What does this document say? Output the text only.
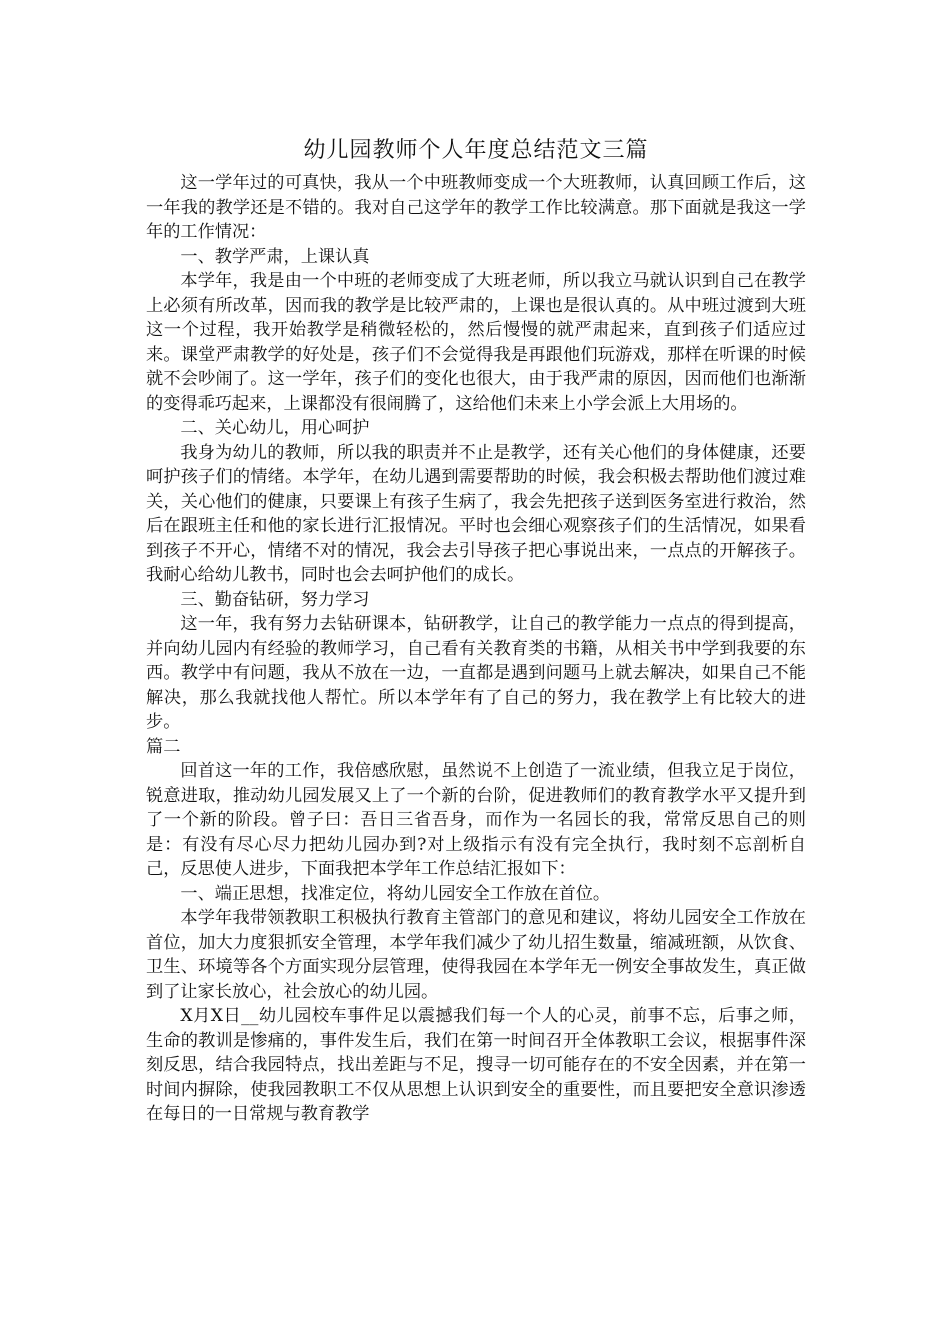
幼儿园教师个人年度总结范文三篇

这一学年过的可真快，我从一个中班教师变成一个大班教师，认真回顾工作后，这一年我的教学还是不错的。我对自己这学年的教学工作比较满意。那下面就是我这一学年的工作情况：

一、教学严肃，上课认真

本学年，我是由一个中班的老师变成了大班老师，所以我立马就认识到自己在教学上必须有所改革，因而我的教学是比较严肃的，上课也是很认真的。从中班过渡到大班这一个过程，我开始教学是稍微轻松的，然后慢慢的就严肃起来，直到孩子们适应过来。课堂严肃教学的好处是，孩子们不会觉得我是再跟他们玩游戏，那样在听课的时候就不会吵闹了。这一学年，孩子们的变化也很大，由于我严肃的原因，因而他们也渐渐的变得乖巧起来，上课都没有很闹腾了，这给他们未来上小学会派上大用场的。

二、关心幼儿，用心呵护

我身为幼儿的教师，所以我的职责并不止是教学，还有关心他们的身体健康，还要呵护孩子们的情绪。本学年，在幼儿遇到需要帮助的时候，我会积极去帮助他们渡过难关，关心他们的健康，只要课上有孩子生病了，我会先把孩子送到医务室进行救治，然后在跟班主任和他的家长进行汇报情况。平时也会细心观察孩子们的生活情况，如果看到孩子不开心，情绪不对的情况，我会去引导孩子把心事说出来，一点点的开解孩子。我耐心给幼儿教书，同时也会去呵护他们的成长。

三、勤奋钻研，努力学习

这一年，我有努力去钻研课本，钻研教学，让自己的教学能力一点点的得到提高，并向幼儿园内有经验的教师学习，自己看有关教育类的书籍，从相关书中学到我要的东西。教学中有问题，我从不放在一边，一直都是遇到问题马上就去解决，如果自己不能解决，那么我就找他人帮忙。所以本学年有了自己的努力，我在教学上有比较大的进步。

篇二

回首这一年的工作，我倍感欣慰，虽然说不上创造了一流业绩，但我立足于岗位，锐意进取，推动幼儿园发展又上了一个新的台阶，促进教师们的教育教学水平又提升到了一个新的阶段。曾子曰：吾日三省吾身，而作为一名园长的我，常常反思自己的则是：有没有尽心尽力把幼儿园办到?对上级指示有没有完全执行，我时刻不忘剖析自己，反思使人进步，下面我把本学年工作总结汇报如下：

一、端正思想，找准定位，将幼儿园安全工作放在首位。

本学年我带领教职工积极执行教育主管部门的意见和建议，将幼儿园安全工作放在首位，加大力度狠抓安全管理，本学年我们减少了幼儿招生数量，缩减班额，从饮食、卫生、环境等各个方面实现分层管理，使得我园在本学年无一例安全事故发生，真正做到了让家长放心，社会放心的幼儿园。

X月X日__幼儿园校车事件足以震撼我们每一个人的心灵，前事不忘，后事之师，生命的教训是惨痛的，事件发生后，我们在第一时间召开全体教职工会议，根据事件深刻反思，结合我园特点，找出差距与不足，搜寻一切可能存在的不安全因素，并在第一时间内摒除，使我园教职工不仅从思想上认识到安全的重要性，而且要把安全意识渗透在每日的一日常规与教育教学
